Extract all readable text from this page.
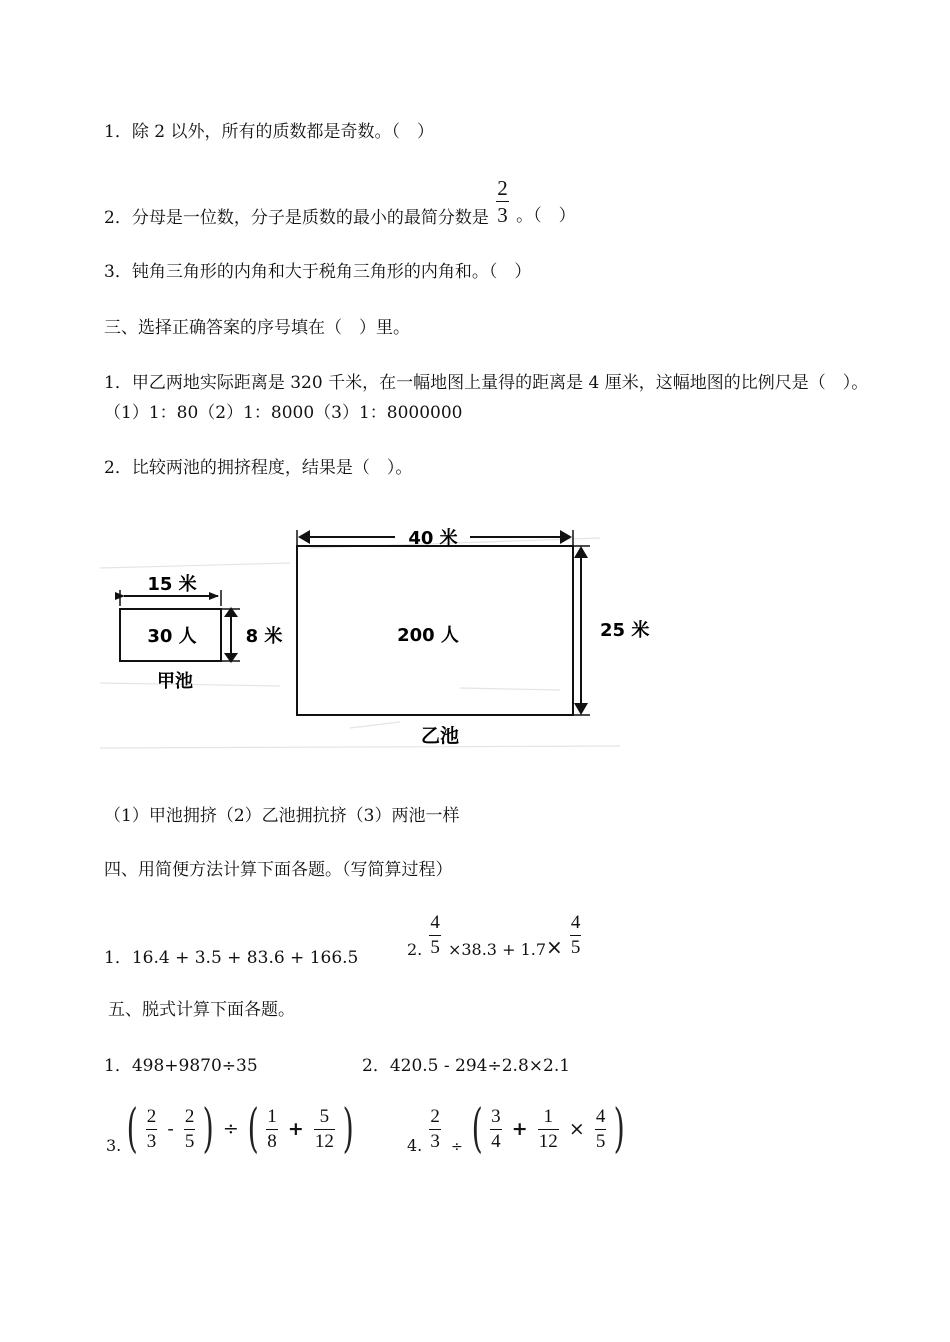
1．除 2 以外，所有的质数都是奇数。（　）
2．分母是一位数，分子是质数的最小的最简分数是 $\frac{2}{3}$ 。（　）
3．钝角三角形的内角和大于税角三角形的内角和。（　）
三、选择正确答案的序号填在（　）里。
1．甲乙两地实际距离是 320 千米，在一幅地图上量得的距离是 4 厘米，这幅地图的比例尺是（　）。
（1）1：80（2）1：8000（3）1：8000000
2．比较两池的拥挤程度，结果是（　）。
15 米
8 米
30 人
甲池
40 米
25 米
200 人
乙池
（1）甲池拥挤（2）乙池拥抗挤（3）两池一样
四、用简便方法计算下面各题。（写简算过程）
1．16.4 + 3.5 + 83.6 + 166.5	2. $\frac{4}{5} \times 38.3 + 1.7\times \frac{4}{5}$
五、脱式计算下面各题。
1．498+9870÷35	2．420.5 - 294÷2.8×2.1
3. ( $\frac{2}{3} - \frac{2}{5}$ ) ÷ ( $\frac{1}{8} + \frac{5}{12}$ )	4. $\frac{2}{3}$ ÷ ( $\frac{3}{4} + \frac{1}{12} \times \frac{4}{5}$ )
